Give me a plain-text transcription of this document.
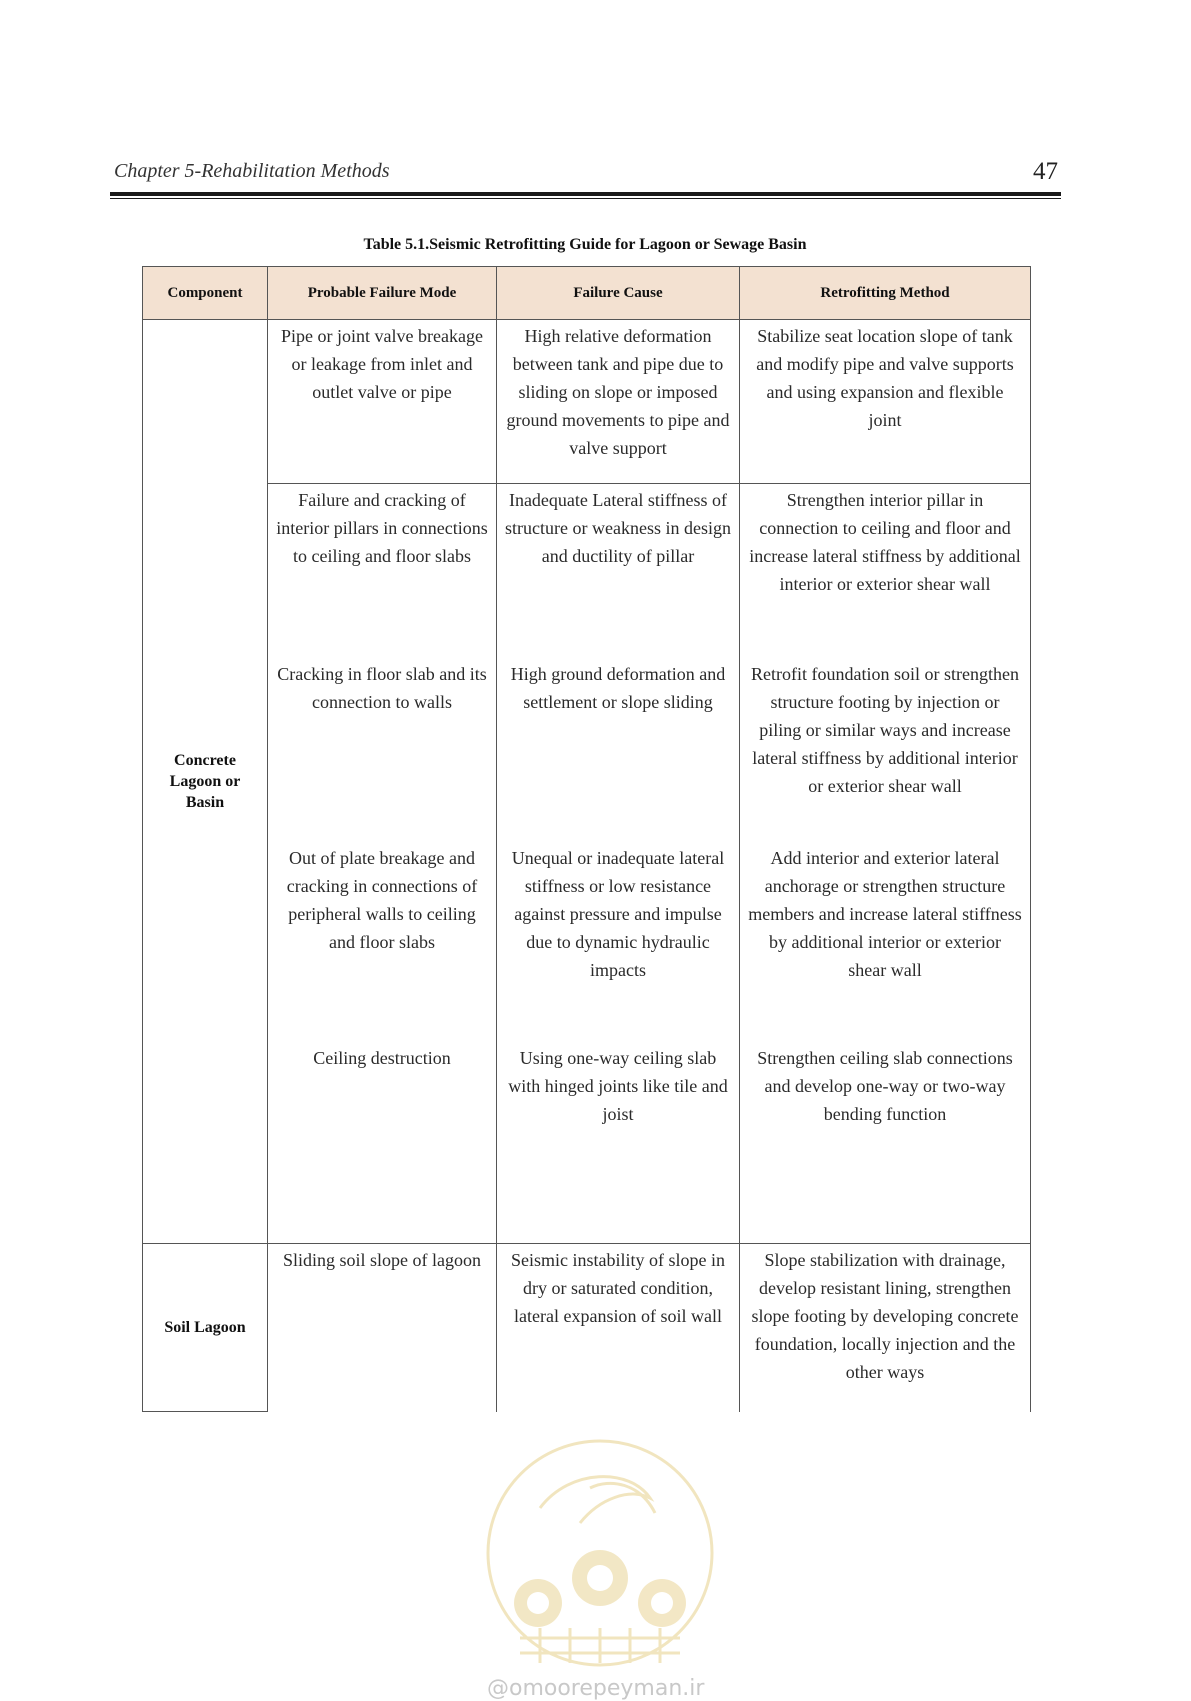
Chapter 5-Rehabilitation Methods	47
Table 5.1.Seismic Retrofitting Guide for Lagoon or Sewage Basin
Component	Probable Failure Mode	Failure Cause	Retrofitting Method
Concrete Lagoon or Basin	Pipe or joint valve breakage or leakage from inlet and outlet valve or pipe	High relative deformation between tank and pipe due to sliding on slope or imposed ground movements to pipe and valve support	Stabilize seat location slope of tank and modify pipe and valve supports and using expansion and flexible joint
	Failure and cracking of interior pillars in connections to ceiling and floor slabs	Inadequate Lateral stiffness of structure or weakness in design and ductility of pillar	Strengthen interior pillar in connection to ceiling and floor and increase lateral stiffness by additional interior or exterior shear wall
	Cracking in floor slab and its connection to walls	High ground deformation and settlement or slope sliding	Retrofit foundation soil or strengthen structure footing by injection or piling or similar ways and increase lateral stiffness by additional interior or exterior shear wall
	Out of plate breakage and cracking in connections of peripheral walls to ceiling and floor slabs	Unequal or inadequate lateral stiffness or low resistance against pressure and impulse due to dynamic hydraulic impacts	Add interior and exterior lateral anchorage or strengthen structure members and increase lateral stiffness by additional interior or exterior shear wall
	Ceiling destruction	Using one-way ceiling slab with hinged joints like tile and joist	Strengthen ceiling slab connections and develop one-way or two-way bending function
Soil Lagoon	Sliding soil slope of lagoon	Seismic instability of slope in dry or saturated condition, lateral expansion of soil wall	Slope stabilization with drainage, develop resistant lining, strengthen slope footing by developing concrete foundation, locally injection and the other ways
@omoorepeyman.ir
